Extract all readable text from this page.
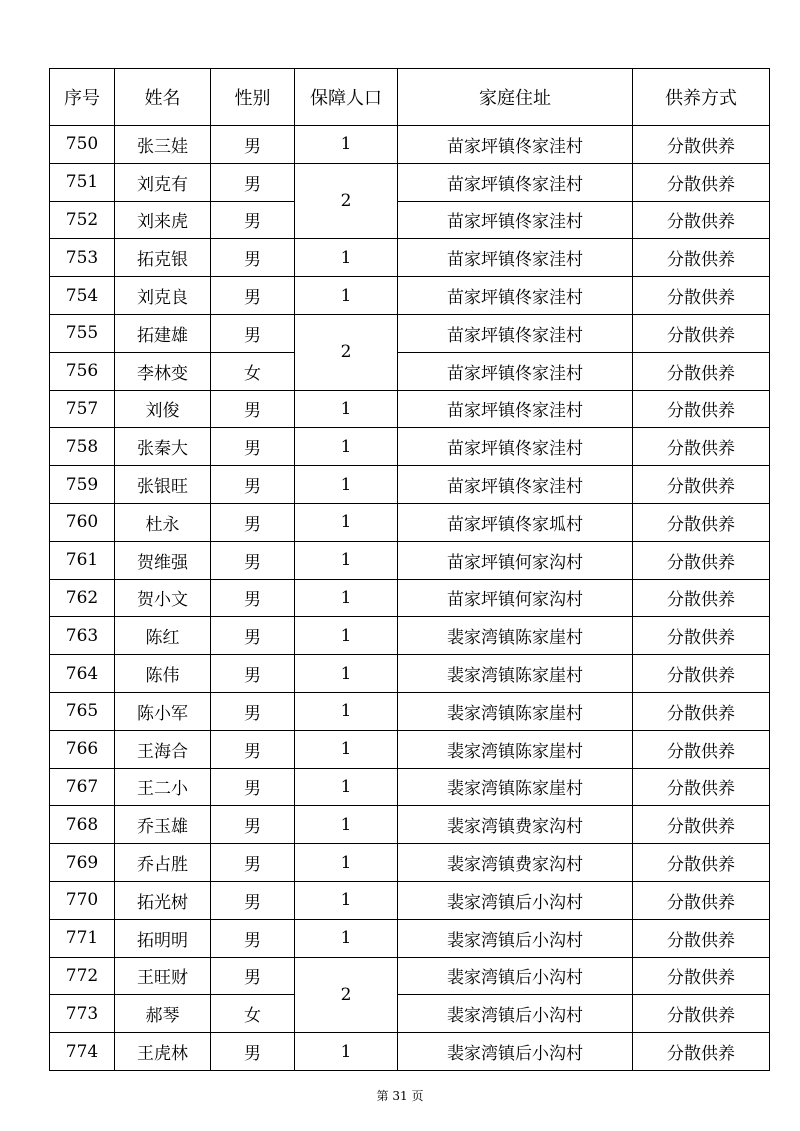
序号	姓名	性别	保障人口	家庭住址	供养方式
750	张三娃	男	1	苗家坪镇佟家洼村	分散供养
751	刘克有	男	2	苗家坪镇佟家洼村	分散供养
752	刘来虎	男		苗家坪镇佟家洼村	分散供养
753	拓克银	男	1	苗家坪镇佟家洼村	分散供养
754	刘克良	男	1	苗家坪镇佟家洼村	分散供养
755	拓建雄	男	2	苗家坪镇佟家洼村	分散供养
756	李林变	女		苗家坪镇佟家洼村	分散供养
757	刘俊	男	1	苗家坪镇佟家洼村	分散供养
758	张秦大	男	1	苗家坪镇佟家洼村	分散供养
759	张银旺	男	1	苗家坪镇佟家洼村	分散供养
760	杜永	男	1	苗家坪镇佟家坬村	分散供养
761	贺维强	男	1	苗家坪镇何家沟村	分散供养
762	贺小文	男	1	苗家坪镇何家沟村	分散供养
763	陈红	男	1	裴家湾镇陈家崖村	分散供养
764	陈伟	男	1	裴家湾镇陈家崖村	分散供养
765	陈小军	男	1	裴家湾镇陈家崖村	分散供养
766	王海合	男	1	裴家湾镇陈家崖村	分散供养
767	王二小	男	1	裴家湾镇陈家崖村	分散供养
768	乔玉雄	男	1	裴家湾镇费家沟村	分散供养
769	乔占胜	男	1	裴家湾镇费家沟村	分散供养
770	拓光树	男	1	裴家湾镇后小沟村	分散供养
771	拓明明	男	1	裴家湾镇后小沟村	分散供养
772	王旺财	男	2	裴家湾镇后小沟村	分散供养
773	郝琴	女		裴家湾镇后小沟村	分散供养
774	王虎林	男	1	裴家湾镇后小沟村	分散供养
第 31 页
